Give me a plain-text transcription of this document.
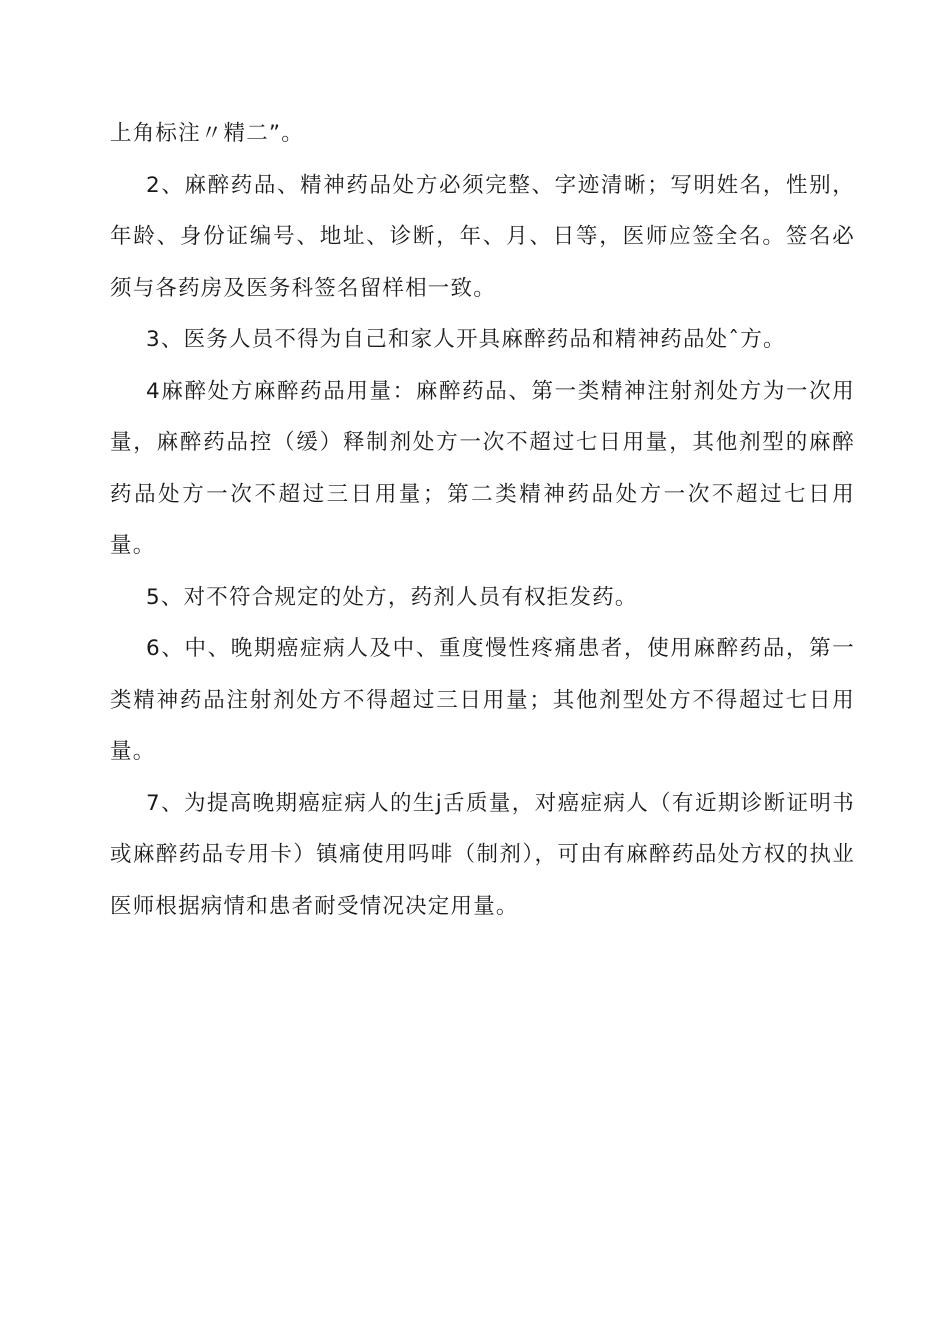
上角标注〃精二”。

2、麻醉药品、精神药品处方必须完整、字迹清晰；写明姓名，性别，年龄、身份证编号、地址、诊断，年、月、日等，医师应签全名。签名必须与各药房及医务科签名留样相一致。

3、医务人员不得为自己和家人开具麻醉药品和精神药品处ˆ方。

4麻醉处方麻醉药品用量：麻醉药品、第一类精神注射剂处方为一次用量，麻醉药品控（缓）释制剂处方一次不超过七日用量，其他剂型的麻醉药品处方一次不超过三日用量；第二类精神药品处方一次不超过七日用量。

5、对不符合规定的处方，药剂人员有权拒发药。

6、中、晚期癌症病人及中、重度慢性疼痛患者，使用麻醉药品，第一类精神药品注射剂处方不得超过三日用量；其他剂型处方不得超过七日用量。

7、为提高晚期癌症病人的生j舌质量，对癌症病人（有近期诊断证明书或麻醉药品专用卡）镇痛使用吗啡（制剂），可由有麻醉药品处方权的执业医师根据病情和患者耐受情况决定用量。
